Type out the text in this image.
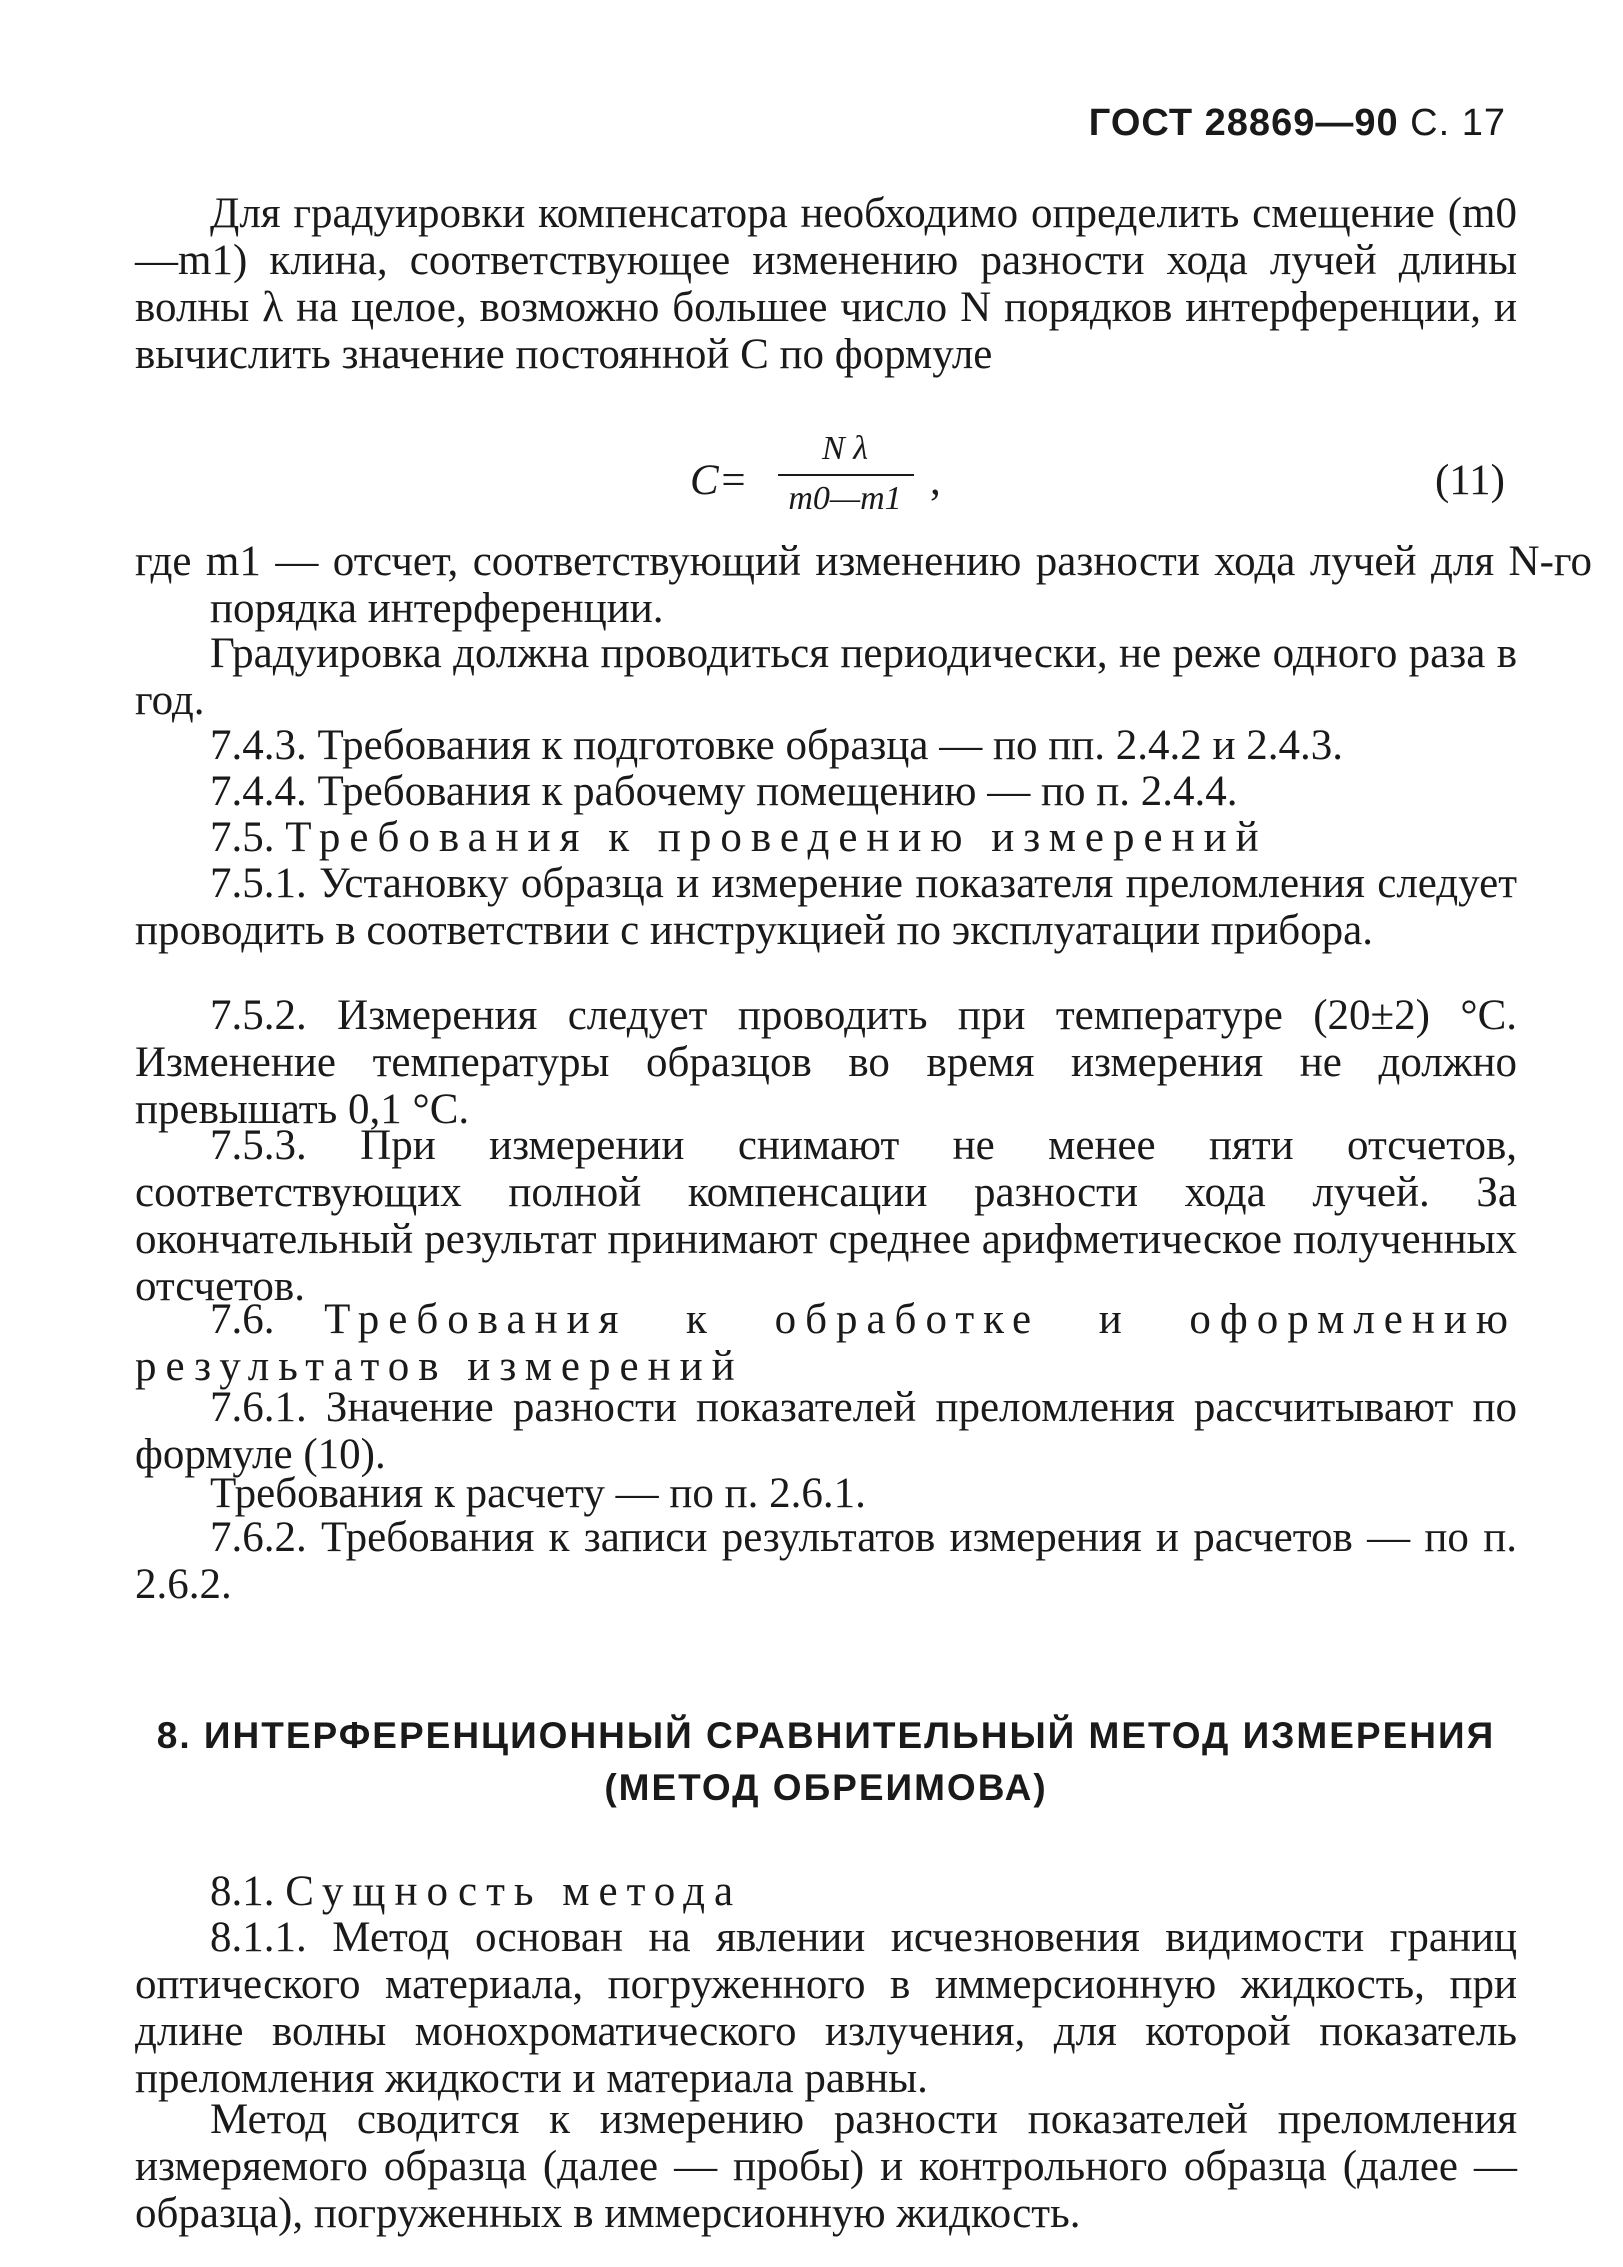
ГОСТ 28869—90 С. 17
Для градуировки компенсатора необходимо определить смещение (m0—m1) клина, соответствующее изменению разности хода лучей длины волны λ на целое, возможно большее число N порядков интерференции, и вычислить значение постоянной C по формуле
C=
N λ
m0—m1 ,	(11)
где m1 — отсчет, соответствующий изменению разности хода лучей для N-го порядка интерференции.
Градуировка должна проводиться периодически, не реже одного раза в год.
7.4.3. Требования к подготовке образца — по пп. 2.4.2 и 2.4.3.
7.4.4. Требования к рабочему помещению — по п. 2.4.4.
7.5. Требования к проведению измерений
7.5.1. Установку образца и измерение показателя преломления следует проводить в соответствии с инструкцией по эксплуатации прибора.
7.5.2. Измерения следует проводить при температуре (20±2) °С. Изменение температуры образцов во время измерения не должно превышать 0,1 °С.
7.5.3. При измерении снимают не менее пяти отсчетов, соответствующих полной компенсации разности хода лучей. За окончательный результат принимают среднее арифметическое полученных отсчетов.
7.6. Требования к обработке и оформлению результатов измерений
7.6.1. Значение разности показателей преломления рассчитывают по формуле (10).
Требования к расчету — по п. 2.6.1.
7.6.2. Требования к записи результатов измерения и расчетов — по п. 2.6.2.
8. ИНТЕРФЕРЕНЦИОННЫЙ СРАВНИТЕЛЬНЫЙ МЕТОД ИЗМЕРЕНИЯ (МЕТОД ОБРЕИМОВА)
8.1. Сущность метода
8.1.1. Метод основан на явлении исчезновения видимости границ оптического материала, погруженного в иммерсионную жидкость, при длине волны монохроматического излучения, для которой показатель преломления жидкости и материала равны.
Метод сводится к измерению разности показателей преломления измеряемого образца (далее — пробы) и контрольного образца (далее — образца), погруженных в иммерсионную жидкость.
